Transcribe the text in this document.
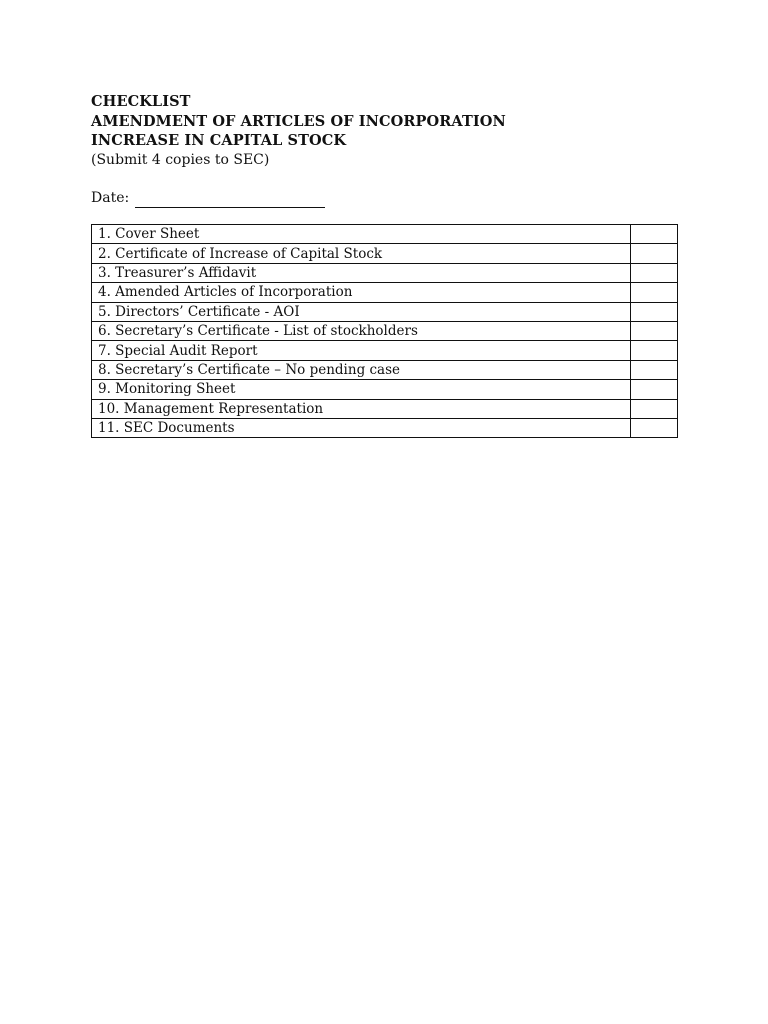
CHECKLIST
AMENDMENT OF ARTICLES OF INCORPORATION
INCREASE IN CAPITAL STOCK
(Submit 4 copies to SEC)
Date:
1. Cover Sheet	
2. Certificate of Increase of Capital Stock	
3. Treasurer’s Affidavit	
4. Amended Articles of Incorporation	
5. Directors’ Certificate - AOI	
6. Secretary’s Certificate - List of stockholders	
7. Special Audit Report	
8. Secretary’s Certificate – No pending case	
9. Monitoring Sheet	
10. Management Representation	
11. SEC Documents	
